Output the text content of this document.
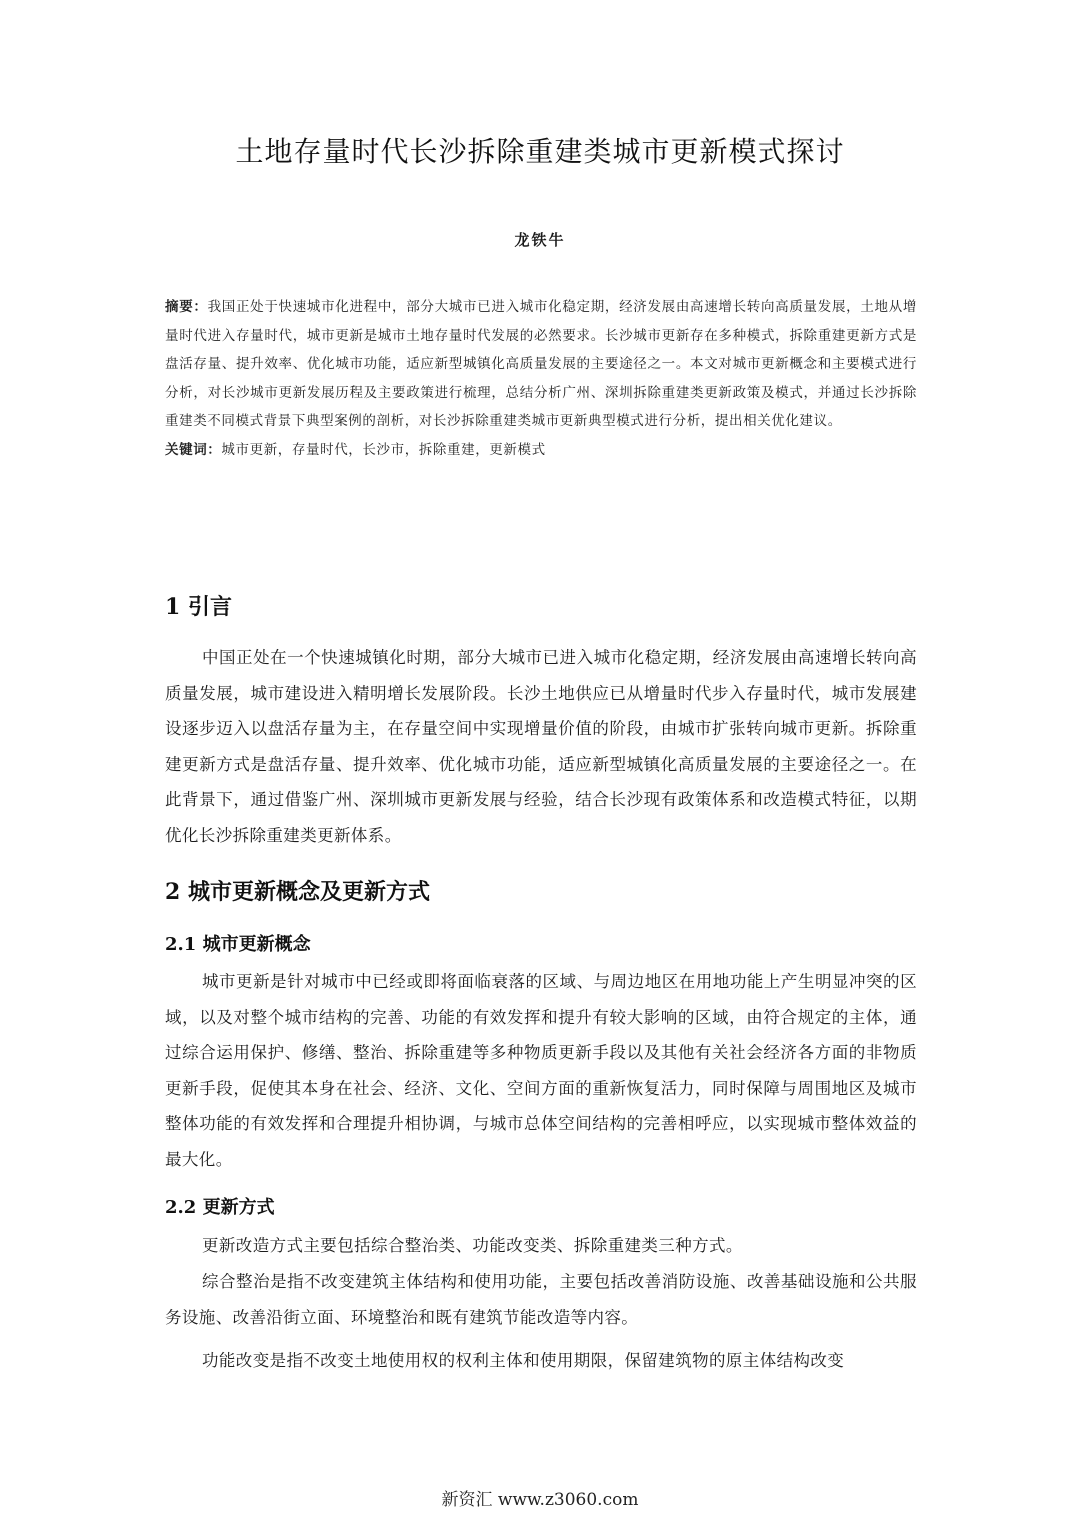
土地存量时代长沙拆除重建类城市更新模式探讨
龙铁牛

摘要：我国正处于快速城市化进程中，部分大城市已进入城市化稳定期，经济发展由高速增长转向高质量发展，土地从增量时代进入存量时代，城市更新是城市土地存量时代发展的必然要求。长沙城市更新存在多种模式，拆除重建更新方式是盘活存量、提升效率、优化城市功能，适应新型城镇化高质量发展的主要途径之一。本文对城市更新概念和主要模式进行分析，对长沙城市更新发展历程及主要政策进行梳理，总结分析广州、深圳拆除重建类更新政策及模式，并通过长沙拆除重建类不同模式背景下典型案例的剖析，对长沙拆除重建类城市更新典型模式进行分析，提出相关优化建议。

关键词：城市更新，存量时代，长沙市，拆除重建，更新模式

1 引言

中国正处在一个快速城镇化时期，部分大城市已进入城市化稳定期，经济发展由高速增长转向高质量发展，城市建设进入精明增长发展阶段。长沙土地供应已从增量时代步入存量时代，城市发展建设逐步迈入以盘活存量为主，在存量空间中实现增量价值的阶段，由城市扩张转向城市更新。拆除重建更新方式是盘活存量、提升效率、优化城市功能，适应新型城镇化高质量发展的主要途径之一。在此背景下，通过借鉴广州、深圳城市更新发展与经验，结合长沙现有政策体系和改造模式特征，以期优化长沙拆除重建类更新体系。

2 城市更新概念及更新方式
2.1 城市更新概念

城市更新是针对城市中已经或即将面临衰落的区域、与周边地区在用地功能上产生明显冲突的区域，以及对整个城市结构的完善、功能的有效发挥和提升有较大影响的区域，由符合规定的主体，通过综合运用保护、修缮、整治、拆除重建等多种物质更新手段以及其他有关社会经济各方面的非物质更新手段，促使其本身在社会、经济、文化、空间方面的重新恢复活力，同时保障与周围地区及城市整体功能的有效发挥和合理提升相协调，与城市总体空间结构的完善相呼应，以实现城市整体效益的最大化。

2.2 更新方式

更新改造方式主要包括综合整治类、功能改变类、拆除重建类三种方式。

综合整治是指不改变建筑主体结构和使用功能，主要包括改善消防设施、改善基础设施和公共服务设施、改善沿街立面、环境整治和既有建筑节能改造等内容。

功能改变是指不改变土地使用权的权利主体和使用期限，保留建筑物的原主体结构改变

新资汇 www.z3060.com
